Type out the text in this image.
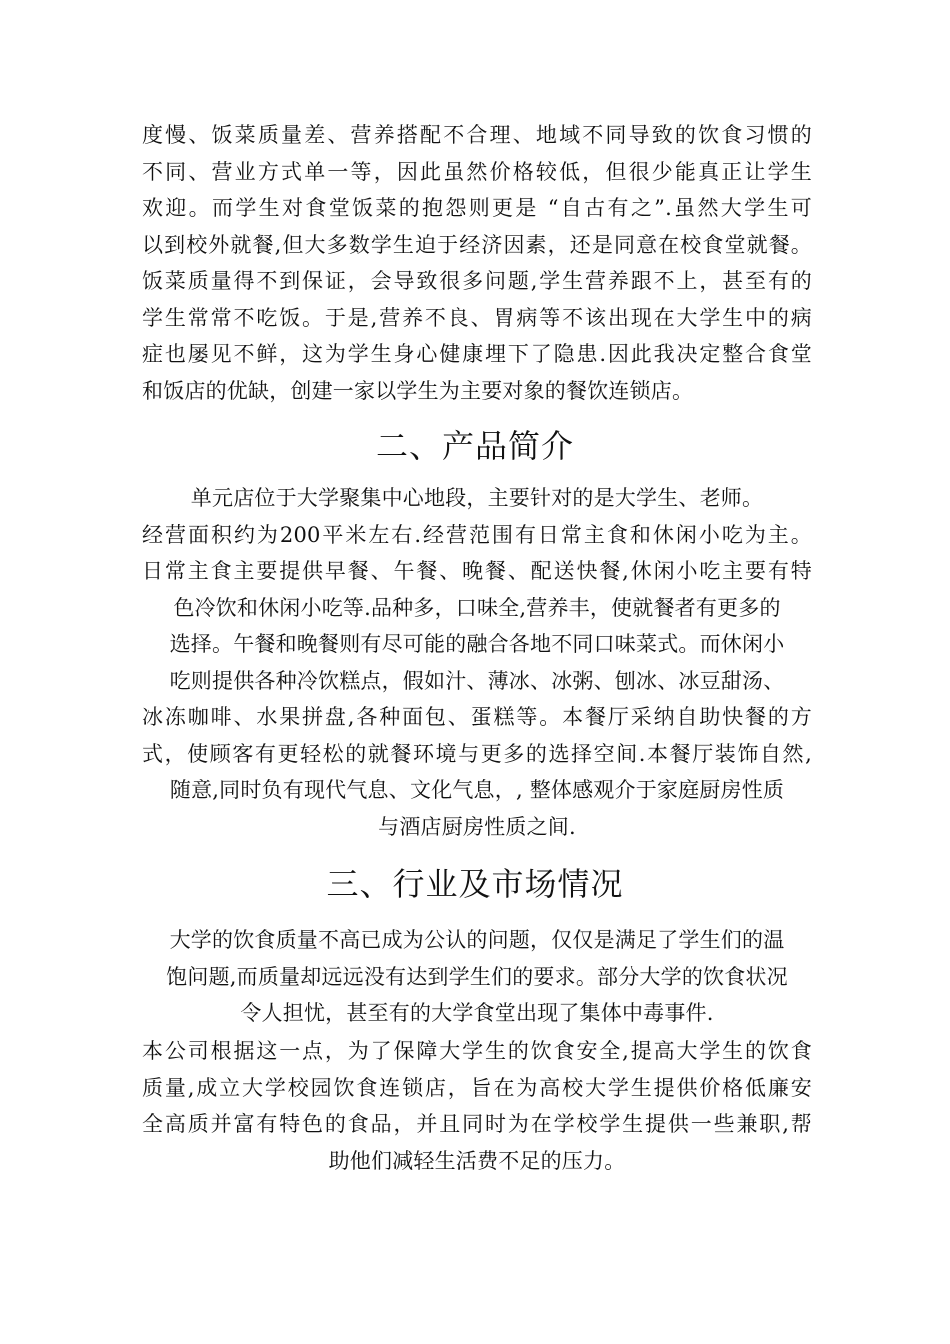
度慢、饭菜质量差、营养搭配不合理、地域不同导致的饮食习惯的
不同、营业方式单一等，因此虽然价格较低，但很少能真正让学生
欢迎。而学生对食堂饭菜的抱怨则更是 “自古有之”.虽然大学生可
以到校外就餐,但大多数学生迫于经济因素，还是同意在校食堂就餐。
饭菜质量得不到保证，会导致很多问题,学生营养跟不上，甚至有的
学生常常不吃饭。于是,营养不良、胃病等不该出现在大学生中的病
症也屡见不鲜，这为学生身心健康埋下了隐患.因此我决定整合食堂
和饭店的优缺，创建一家以学生为主要对象的餐饮连锁店。
二、产品简介
单元店位于大学聚集中心地段，主要针对的是大学生、老师。
经营面积约为200平米左右.经营范围有日常主食和休闲小吃为主。
日常主食主要提供早餐、午餐、晚餐、配送快餐,休闲小吃主要有特
色冷饮和休闲小吃等.品种多，口味全,营养丰，使就餐者有更多的
选择。午餐和晚餐则有尽可能的融合各地不同口味菜式。而休闲小
吃则提供各种冷饮糕点，假如汁、薄冰、冰粥、刨冰、冰豆甜汤、
冰冻咖啡、水果拼盘,各种面包、蛋糕等。本餐厅采纳自助快餐的方
式，使顾客有更轻松的就餐环境与更多的选择空间.本餐厅装饰自然,
随意,同时负有现代气息、文化气息，, 整体感观介于家庭厨房性质
与酒店厨房性质之间.
三、行业及市场情况
大学的饮食质量不高已成为公认的问题，仅仅是满足了学生们的温
饱问题,而质量却远远没有达到学生们的要求。部分大学的饮食状况
令人担忧，甚至有的大学食堂出现了集体中毒事件.
本公司根据这一点，为了保障大学生的饮食安全,提高大学生的饮食
质量,成立大学校园饮食连锁店，旨在为高校大学生提供价格低廉安
全高质并富有特色的食品，并且同时为在学校学生提供一些兼职,帮
助他们减轻生活费不足的压力。
